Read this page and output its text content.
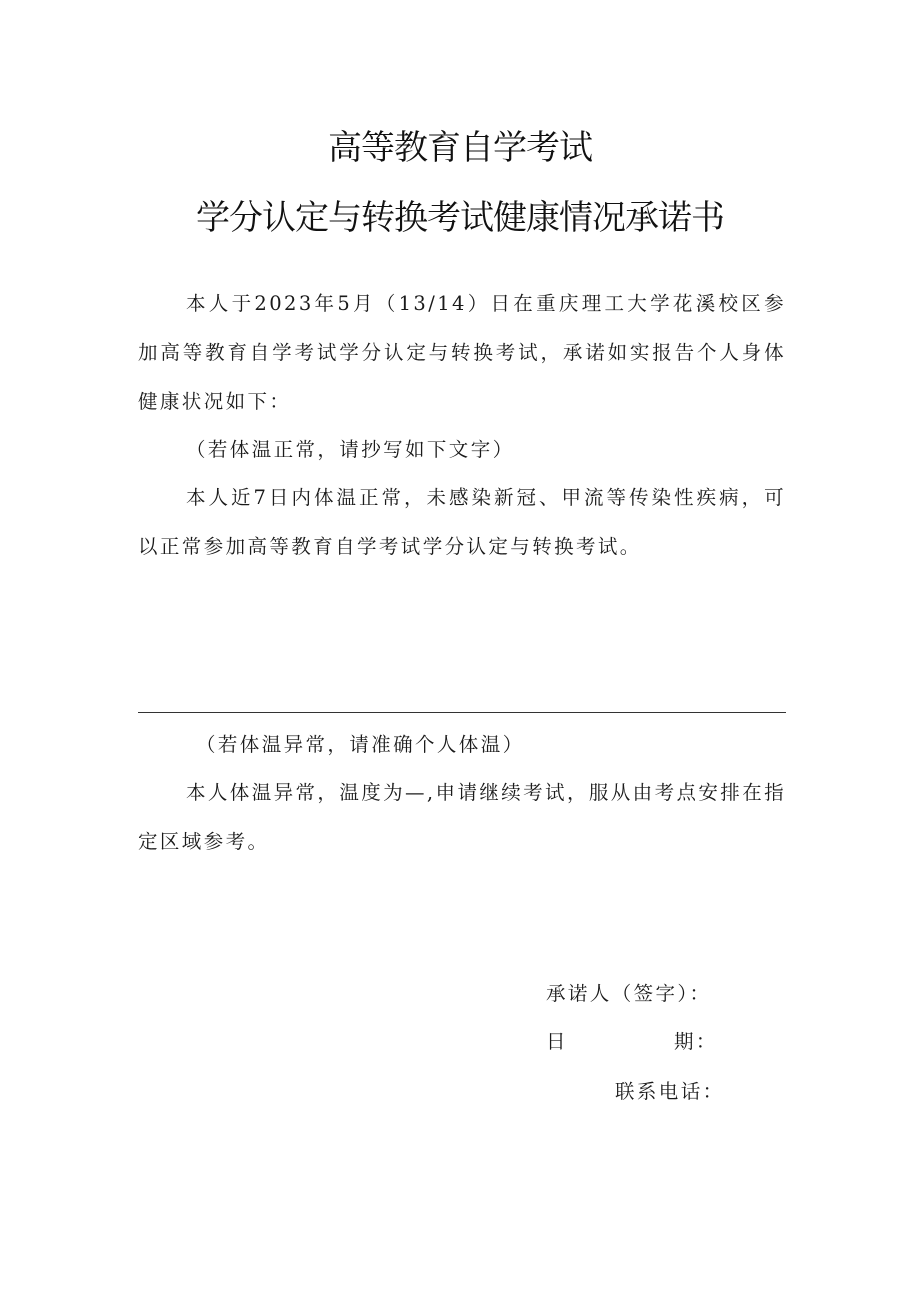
高等教育自学考试
学分认定与转换考试健康情况承诺书
本人于2023年5月（13/14）日在重庆理工大学花溪校区参加高等教育自学考试学分认定与转换考试，承诺如实报告个人身体健康状况如下：
（若体温正常，请抄写如下文字）
本人近7日内体温正常，未感染新冠、甲流等传染性疾病，可以正常参加高等教育自学考试学分认定与转换考试。
（若体温异常，请准确个人体温）
本人体温异常，温度为—,申请继续考试，服从由考点安排在指定区域参考。
承诺人（签字）：
日	期：
联系电话：
